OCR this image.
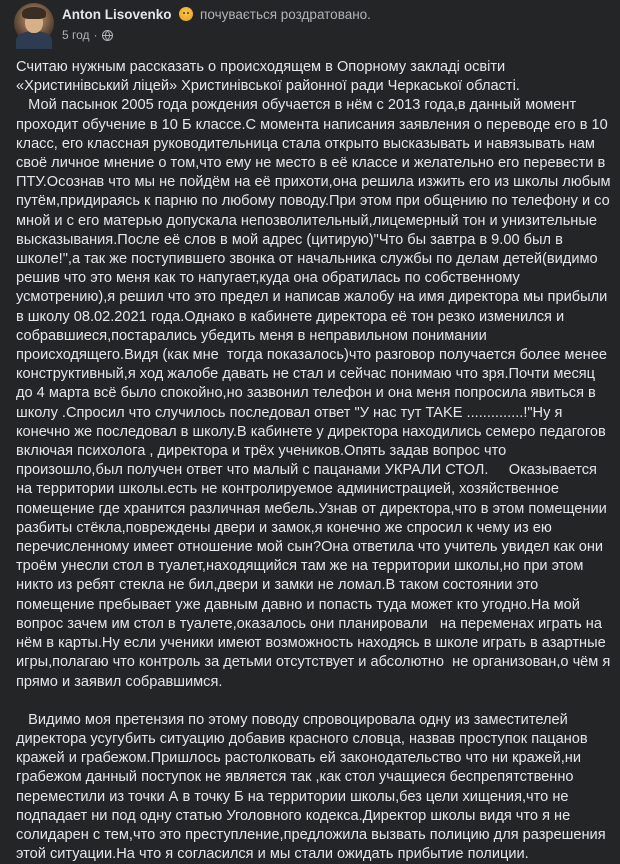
Anton Lisovenko почувається роздратовано.
5 год ·

Считаю нужным рассказать о происходящем в Опорному закладі освіти «Христинівський ліцей» Христинівської районної ради Черкаської області.

Мой пасынок 2005 года рождения обучается в нём с 2013 года,в данный момент проходит обучение в 10 Б классе.С момента написания заявления о переводе его в 10 класс, его классная руководительница стала открыто высказывать и навязывать нам своё личное мнение о том,что ему не место в её классе и желательно его перевести в ПТУ.Осознав что мы не пойдём на её прихоти,она решила изжить его из школы любым путём,придираясь к парню по любому поводу.При этом при общению по телефону и со мной и с его матерью допускала непозволительный,лицемерный тон и унизительные высказывания.После её слов в мой адрес (цитирую)"Что бы завтра в 9.00 был в школе!",а так же поступившего звонка от начальника службы по делам детей(видимо решив что это меня как то напугает,куда она обратилась по собственному усмотрению),я решил что это предел и написав жалобу на имя директора мы прибыли в школу 08.02.2021 года.Однако в кабинете директора её тон резко изменился и собравшиеся,постарались убедить меня в неправильном понимании происходящего.Видя (как мне  тогда показалось)что разговор получается более менее конструктивный,я ход жалобе давать не стал и сейчас понимаю что зря.Почти месяц до 4 марта всё было спокойно,но зазвонил телефон и она меня попросила явиться в школу .Спросил что случилось последовал ответ "У нас тут TAKE ..............!"Ну я конечно же последовал в школу.В кабинете у директора находились семеро педагогов включая психолога , директора и трёх учеников.Опять задав вопрос что произошло,был получен ответ что малый с пацанами УКРАЛИ СТОЛ.     Оказывается на территории школы.есть не контролируемое администрацией, хозяйственное помещение где хранится различная мебель.Узнав от директора,что в этом помещении разбиты стёкла,повреждены двери и замок,я конечно же спросил к чему из ею перечисленному имеет отношение мой сын?Она ответила что учитель увидел как они троём унесли стол в туалет,находящийся там же на территории школы,но при этом никто из ребят стекла не бил,двери и замки не ломал.В таком состоянии это помещение пребывает уже давным давно и попасть туда может кто угодно.На мой вопрос зачем им стол в туалете,оказалось они планировали   на переменах играть на нём в карты.Ну если ученики имеют возможность находясь в школе играть в азартные игры,полагаю что контроль за детьми отсутствует и абсолютно  не организован,о чём я прямо и заявил собравшимся.

Видимо моя претензия по этому поводу спровоцировала одну из заместителей директора усугубить ситуацию добавив красного словца, назвав проступок пацанов кражей и грабежом.Пришлось растолковать ей законодательство что ни кражей,ни грабежом данный поступок не является так ,как стол учащиеся беспрепятственно переместили из точки А в точку Б на территории школы,без цели хищения,что не подпадает ни под одну статью Уголовного кодекса.Директор школы видя что я не солидарен с тем,что это преступление,предложила вызвать полицию для разрешения этой ситуации.На что я согласился и мы стали ожидать прибытие полиции.
